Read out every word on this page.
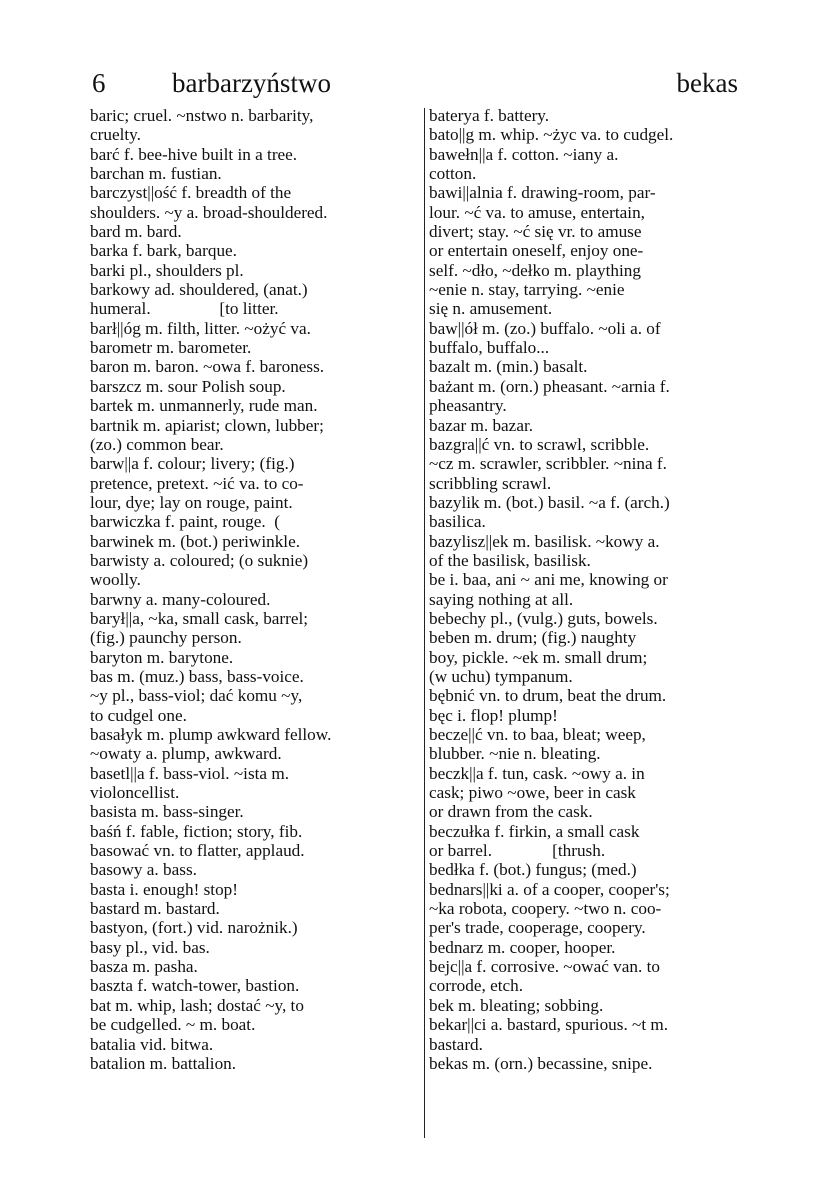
6 barbarzyństwo	bekas
baric; cruel. ~nstwo n. barbarity,
cruelty.
barć f. bee-hive built in a tree.
barchan m. fustian.
barczyst||ość f. breadth of the
shoulders. ~y a. broad-shouldered.
bard m. bard.
barka f. bark, barque.
barki pl., shoulders pl.
barkowy ad. shouldered, (anat.)
humeral.                [to litter.
barł||óg m. filth, litter. ~ożyć va.
barometr m. barometer.
baron m. baron. ~owa f. baroness.
barszcz m. sour Polish soup.
bartek m. unmannerly, rude man.
bartnik m. apiarist; clown, lubber;
(zo.) common bear.
barw||a f. colour; livery; (fig.)
pretence, pretext. ~ić va. to co-
lour, dye; lay on rouge, paint.
barwiczka f. paint, rouge.  (
barwinek m. (bot.) periwinkle.
barwisty a. coloured; (o suknie)
woolly.
barwny a. many-coloured.
barył||a, ~ka, small cask, barrel;
(fig.) paunchy person.
baryton m. barytone.
bas m. (muz.) bass, bass-voice.
~y pl., bass-viol; dać komu ~y,
to cudgel one.
basałyk m. plump awkward fellow.
~owaty a. plump, awkward.
basetl||a f. bass-viol. ~ista m.
violoncellist.
basista m. bass-singer.
baśń f. fable, fiction; story, fib.
basować vn. to flatter, applaud.
basowy a. bass.
basta i. enough! stop!
bastard m. bastard.
bastyon, (fort.) vid. narożnik.)
basy pl., vid. bas.
basza m. pasha.
baszta f. watch-tower, bastion.
bat m. whip, lash; dostać ~y, to
be cudgelled. ~ m. boat.
batalia vid. bitwa.
batalion m. battalion.
baterya f. battery.
bato||g m. whip. ~życ va. to cudgel.
bawełn||a f. cotton. ~iany a.
cotton.
bawi||alnia f. drawing-room, par-
lour. ~ć va. to amuse, entertain,
divert; stay. ~ć się vr. to amuse
or entertain oneself, enjoy one-
self. ~dło, ~dełko m. plaything
~enie n. stay, tarrying. ~enie
się n. amusement.
baw||ół m. (zo.) buffalo. ~oli a. of
buffalo, buffalo...
bazalt m. (min.) basalt.
bażant m. (orn.) pheasant. ~arnia f.
pheasantry.
bazar m. bazar.
bazgra||ć vn. to scrawl, scribble.
~cz m. scrawler, scribbler. ~nina f.
scribbling scrawl.
bazylik m. (bot.) basil. ~a f. (arch.)
basilica.
bazylisz||ek m. basilisk. ~kowy a.
of the basilisk, basilisk.
be i. baa, ani ~ ani me, knowing or
saying nothing at all.
bebechy pl., (vulg.) guts, bowels.
beben m. drum; (fig.) naughty
boy, pickle. ~ek m. small drum;
(w uchu) tympanum.
bębnić vn. to drum, beat the drum.
bęc i. flop! plump!
becze||ć vn. to baa, bleat; weep,
blubber. ~nie n. bleating.
beczk||a f. tun, cask. ~owy a. in
cask; piwo ~owe, beer in cask
or drawn from the cask.
beczułka f. firkin, a small cask
or barrel.              [thrush.
bedłka f. (bot.) fungus; (med.)
bednars||ki a. of a cooper, cooper's;
~ka robota, coopery. ~two n. coo-
per's trade, cooperage, coopery.
bednarz m. cooper, hooper.
bejc||a f. corrosive. ~ować van. to
corrode, etch.
bek m. bleating; sobbing.
bekar||ci a. bastard, spurious. ~t m.
bastard.
bekas m. (orn.) becassine, snipe.
